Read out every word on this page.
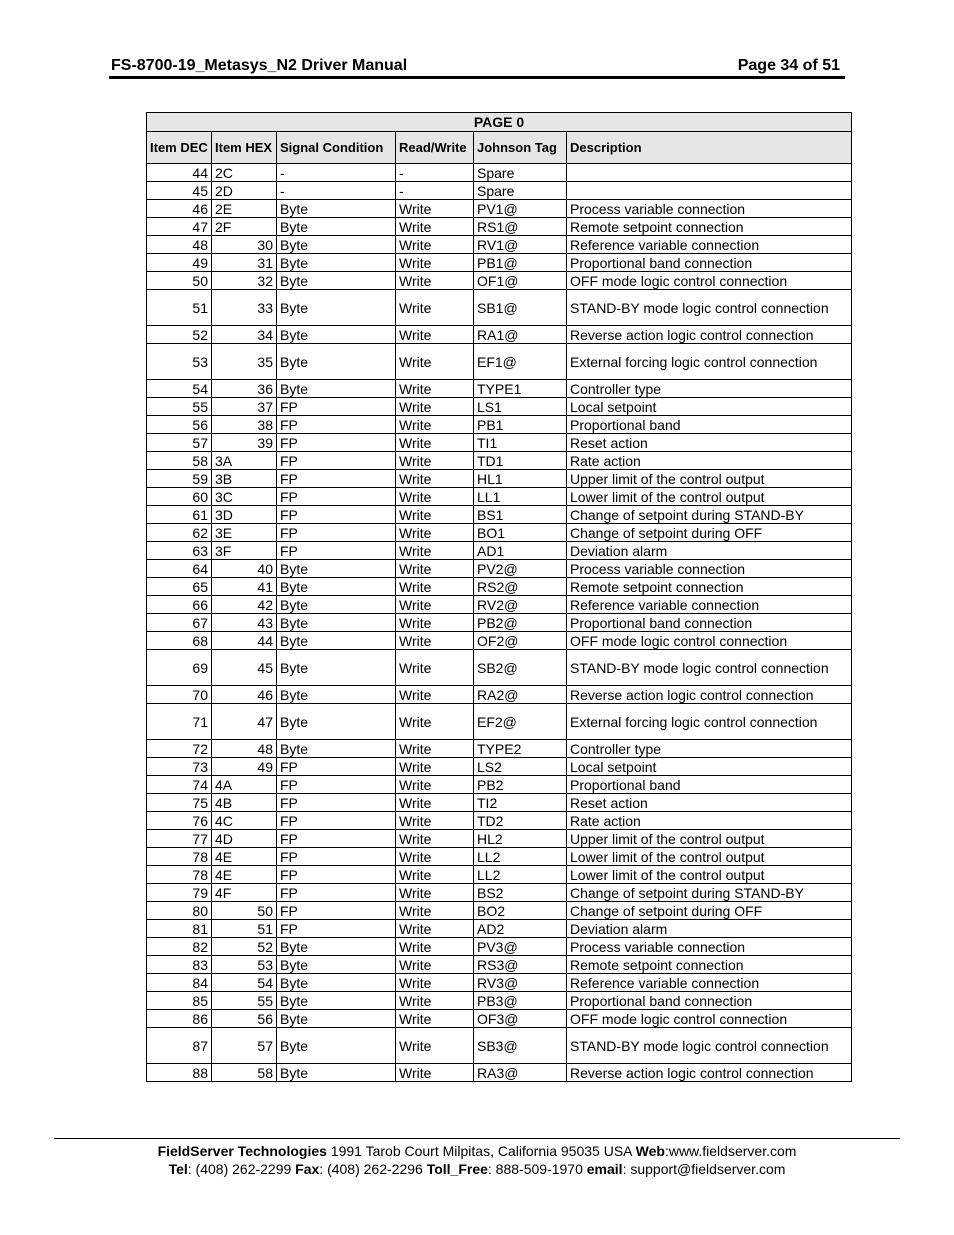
FS-8700-19_Metasys_N2 Driver Manual	Page 34 of 51
PAGE 0					
Item DEC	Item HEX	Signal Condition	Read/Write	Johnson Tag	Description
44	2C	-	-	Spare	
45	2D	-	-	Spare	
46	2E	Byte	Write	PV1@	Process variable connection
47	2F	Byte	Write	RS1@	Remote setpoint connection
48	30	Byte	Write	RV1@	Reference variable connection
49	31	Byte	Write	PB1@	Proportional band connection
50	32	Byte	Write	OF1@	OFF mode logic control connection
51	33	Byte	Write	SB1@	STAND-BY mode logic control connection
52	34	Byte	Write	RA1@	Reverse action logic control connection
53	35	Byte	Write	EF1@	External forcing logic control connection
54	36	Byte	Write	TYPE1	Controller type
55	37	FP	Write	LS1	Local setpoint
56	38	FP	Write	PB1	Proportional band
57	39	FP	Write	TI1	Reset action
58	3A	FP	Write	TD1	Rate action
59	3B	FP	Write	HL1	Upper limit of the control output
60	3C	FP	Write	LL1	Lower limit of the control output
61	3D	FP	Write	BS1	Change of setpoint during STAND-BY
62	3E	FP	Write	BO1	Change of setpoint during OFF
63	3F	FP	Write	AD1	Deviation alarm
64	40	Byte	Write	PV2@	Process variable connection
65	41	Byte	Write	RS2@	Remote setpoint connection
66	42	Byte	Write	RV2@	Reference variable connection
67	43	Byte	Write	PB2@	Proportional band connection
68	44	Byte	Write	OF2@	OFF mode logic control connection
69	45	Byte	Write	SB2@	STAND-BY mode logic control connection
70	46	Byte	Write	RA2@	Reverse action logic control connection
71	47	Byte	Write	EF2@	External forcing logic control connection
72	48	Byte	Write	TYPE2	Controller type
73	49	FP	Write	LS2	Local setpoint
74	4A	FP	Write	PB2	Proportional band
75	4B	FP	Write	TI2	Reset action
76	4C	FP	Write	TD2	Rate action
77	4D	FP	Write	HL2	Upper limit of the control output
78	4E	FP	Write	LL2	Lower limit of the control output
78	4E	FP	Write	LL2	Lower limit of the control output
79	4F	FP	Write	BS2	Change of setpoint during STAND-BY
80	50	FP	Write	BO2	Change of setpoint during OFF
81	51	FP	Write	AD2	Deviation alarm
82	52	Byte	Write	PV3@	Process variable connection
83	53	Byte	Write	RS3@	Remote setpoint connection
84	54	Byte	Write	RV3@	Reference variable connection
85	55	Byte	Write	PB3@	Proportional band connection
86	56	Byte	Write	OF3@	OFF mode logic control connection
87	57	Byte	Write	SB3@	STAND-BY mode logic control connection
88	58	Byte	Write	RA3@	Reverse action logic control connection
FieldServer Technologies 1991 Tarob Court Milpitas, California 95035 USA Web:www.fieldserver.com
Tel: (408) 262-2299 Fax: (408) 262-2296 Toll_Free: 888-509-1970 email: support@fieldserver.com
